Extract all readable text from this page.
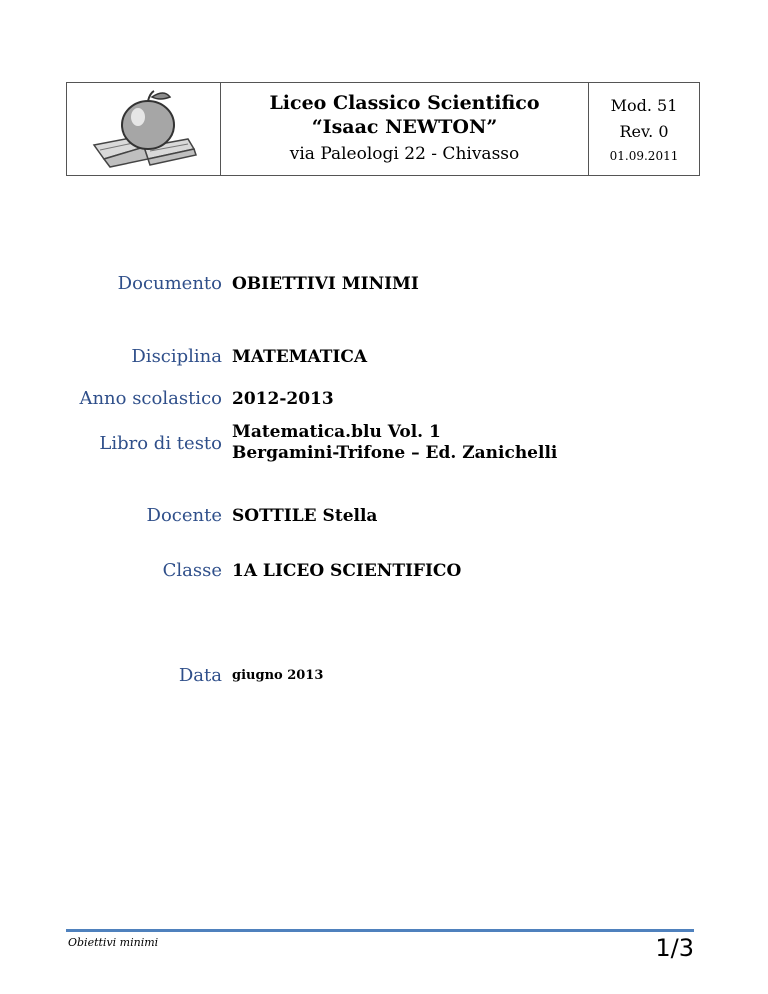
Liceo Classico Scientifico
“Isaac NEWTON”
via Paleologi 22 - Chivasso
Mod. 51
Rev. 0
01.09.2011
Documento OBIETTIVI MINIMI
Disciplina MATEMATICA
Anno scolastico 2012-2013
Libro di testo
Matematica.blu Vol. 1
Bergamini-Trifone – Ed. Zanichelli
Docente SOTTILE Stella
Classe 1A LICEO SCIENTIFICO
Data giugno 2013
Obiettivi minimi	1/3
